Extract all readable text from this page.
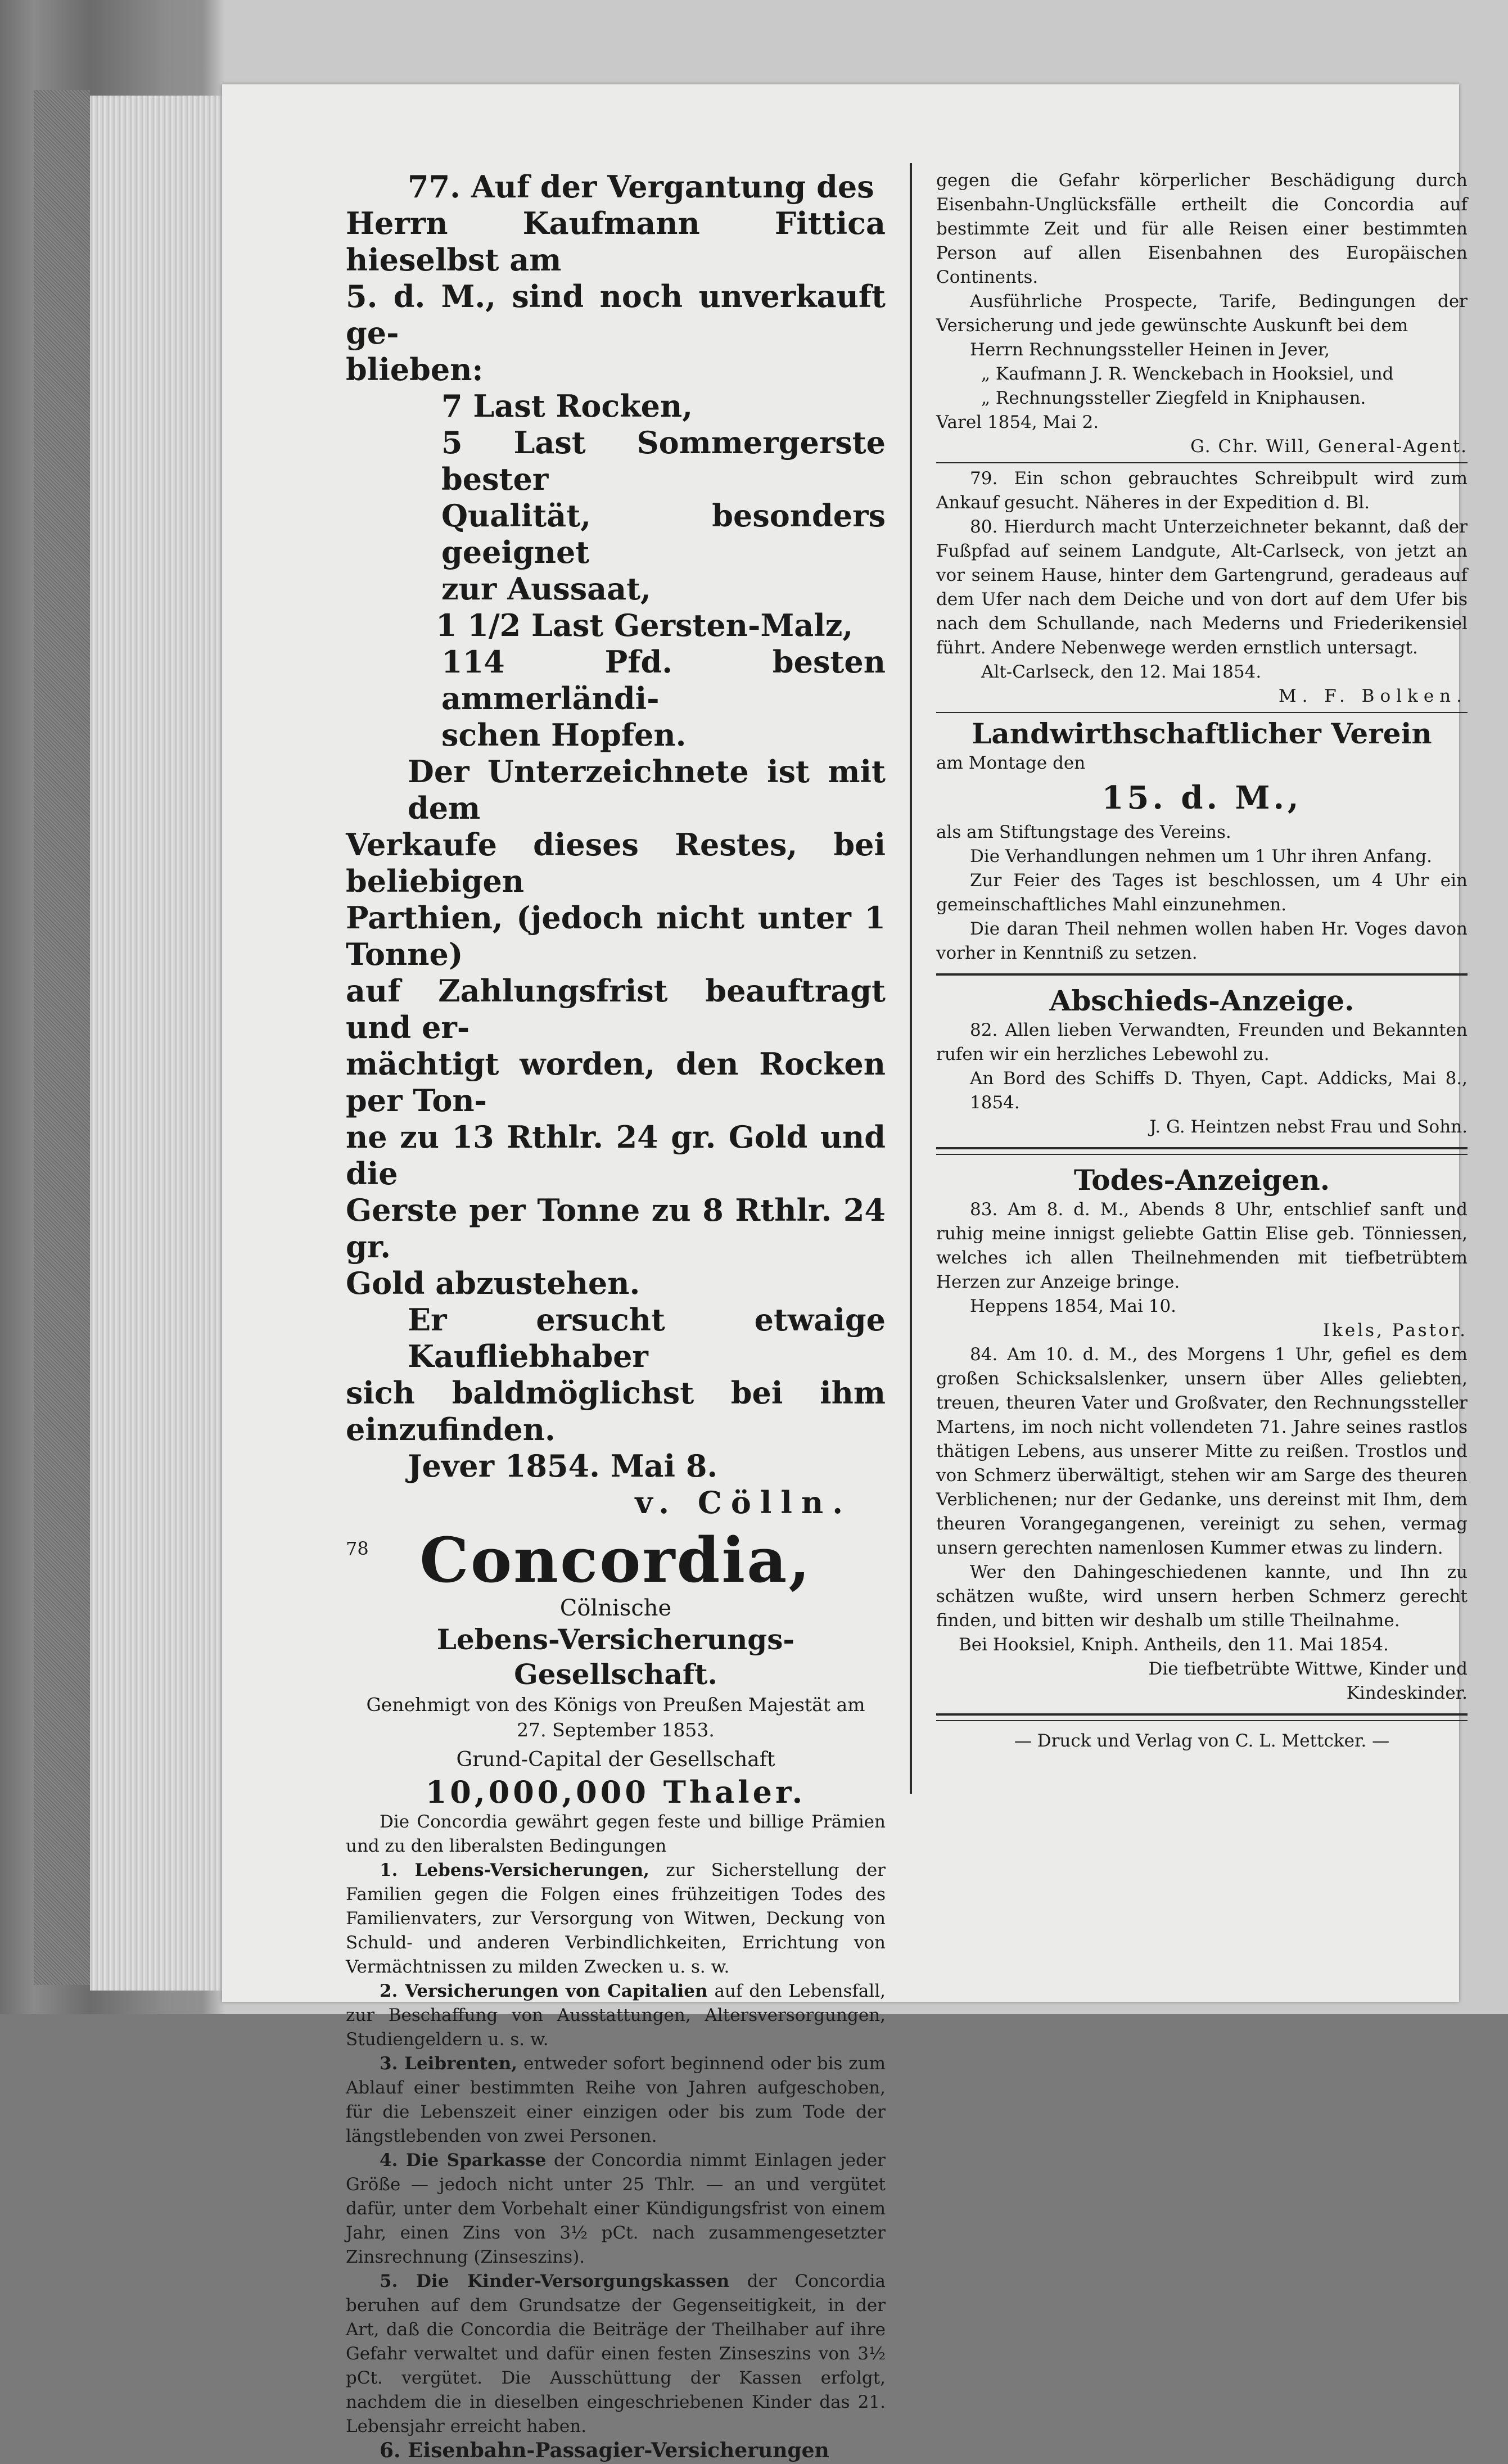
77. Auf der Vergantung des

Herrn Kaufmann Fittica hieselbst am

5. d. M., sind noch unverkauft ge-

blieben:

7 Last Rocken,

5 Last Sommergerste bester

Qualität, besonders geeignet

zur Aussaat,

1 1/2 Last Gersten-Malz,

114 Pfd. besten ammerländi-

schen Hopfen.

Der Unterzeichnete ist mit dem

Verkaufe dieses Restes, bei beliebigen

Parthien, (jedoch nicht unter 1 Tonne)

auf Zahlungsfrist beauftragt und er-

mächtigt worden, den Rocken per Ton-

ne zu 13 Rthlr. 24 gr. Gold und die

Gerste per Tonne zu 8 Rthlr. 24 gr.

Gold abzustehen.

Er ersucht etwaige Kaufliebhaber

sich baldmöglichst bei ihm einzufinden.

Jever 1854. Mai 8.

v. Cölln.

78 Concordia,

Cölnische

Lebens-Versicherungs-Gesellschaft.

Genehmigt von des Königs von Preußen Majestät am 27. September 1853.

Grund-Capital der Gesellschaft

10,000,000 Thaler.

Die Concordia gewährt gegen feste und billige Prämien und zu den liberalsten Bedingungen

1. Lebens-Versicherungen, zur Sicherstellung der Familien gegen die Folgen eines frühzeitigen Todes des Familienvaters, zur Versorgung von Witwen, Deckung von Schuld- und anderen Verbindlichkeiten, Errichtung von Vermächtnissen zu milden Zwecken u. s. w.
2. Versicherungen von Capitalien auf den Lebensfall, zur Beschaffung von Ausstattungen, Altersversorgungen, Studiengeldern u. s. w.
3. Leibrenten, entweder sofort beginnend oder bis zum Ablauf einer bestimmten Reihe von Jahren aufgeschoben, für die Lebenszeit einer einzigen oder bis zum Tode der längstlebenden von zwei Personen.
4. Die Sparkasse der Concordia nimmt Einlagen jeder Größe — jedoch nicht unter 25 Thlr. — an und vergütet dafür, unter dem Vorbehalt einer Kündigungsfrist von einem Jahr, einen Zins von 3½ pCt. nach zusammengesetzter Zinsrechnung (Zinseszins).
5. Die Kinder-Versorgungskassen der Concordia beruhen auf dem Grundsatze der Gegenseitigkeit, in der Art, daß die Concordia die Beiträge der Theilhaber auf ihre Gefahr verwaltet und dafür einen festen Zinseszins von 3½ pCt. vergütet. Die Ausschüttung der Kassen erfolgt, nachdem die in dieselben eingeschriebenen Kinder das 21. Lebensjahr erreicht haben.
6. Eisenbahn-Passagier-Versicherungen

gegen die Gefahr körperlicher Beschädigung durch Eisenbahn-Unglücksfälle ertheilt die Concordia auf bestimmte Zeit und für alle Reisen einer bestimmten Person auf allen Eisenbahnen des Europäischen Continents.

Ausführliche Prospecte, Tarife, Bedingungen der Versicherung und jede gewünschte Auskunft bei dem

Herrn Rechnungssteller Heinen in Jever,

„ Kaufmann J. R. Wenckebach in Hooksiel, und

„ Rechnungssteller Ziegfeld in Kniphausen.

Varel 1854, Mai 2.

G. Chr. Will, General-Agent.

79. Ein schon gebrauchtes Schreibpult wird zum Ankauf gesucht. Näheres in der Expedition d. Bl.

80. Hierdurch macht Unterzeichneter bekannt, daß der Fußpfad auf seinem Landgute, Alt-Carlseck, von jetzt an vor seinem Hause, hinter dem Gartengrund, geradeaus auf dem Ufer nach dem Deiche und von dort auf dem Ufer bis nach dem Schullande, nach Mederns und Friederikensiel führt. Andere Nebenwege werden ernstlich untersagt.

Alt-Carlseck, den 12. Mai 1854.

M. F. Bolken.

Landwirthschaftlicher Verein

am Montage den

15. d. M.,

als am Stiftungstage des Vereins.

Die Verhandlungen nehmen um 1 Uhr ihren Anfang.

Zur Feier des Tages ist beschlossen, um 4 Uhr ein gemeinschaftliches Mahl einzunehmen.

Die daran Theil nehmen wollen haben Hr. Voges davon vorher in Kenntniß zu setzen.

Abschieds-Anzeige.

82. Allen lieben Verwandten, Freunden und Bekannten rufen wir ein herzliches Lebewohl zu.

An Bord des Schiffs D. Thyen, Capt. Addicks, Mai 8., 1854.

J. G. Heintzen nebst Frau und Sohn.

Todes-Anzeigen.

83. Am 8. d. M., Abends 8 Uhr, entschlief sanft und ruhig meine innigst geliebte Gattin Elise geb. Tönniessen, welches ich allen Theilnehmenden mit tiefbetrübtem Herzen zur Anzeige bringe.

Heppens 1854, Mai 10.

Ikels, Pastor.

84. Am 10. d. M., des Morgens 1 Uhr, gefiel es dem großen Schicksalslenker, unsern über Alles geliebten, treuen, theuren Vater und Großvater, den Rechnungssteller Martens, im noch nicht vollendeten 71. Jahre seines rastlos thätigen Lebens, aus unserer Mitte zu reißen. Trostlos und von Schmerz überwältigt, stehen wir am Sarge des theuren Verblichenen; nur der Gedanke, uns dereinst mit Ihm, dem theuren Vorangegangenen, vereinigt zu sehen, vermag unsern gerechten namenlosen Kummer etwas zu lindern.

Wer den Dahingeschiedenen kannte, und Ihn zu schätzen wußte, wird unsern herben Schmerz gerecht finden, und bitten wir deshalb um stille Theilnahme.

Bei Hooksiel, Kniph. Antheils, den 11. Mai 1854.

Die tiefbetrübte Wittwe, Kinder und Kindeskinder.

— Druck und Verlag von C. L. Mettcker. —
